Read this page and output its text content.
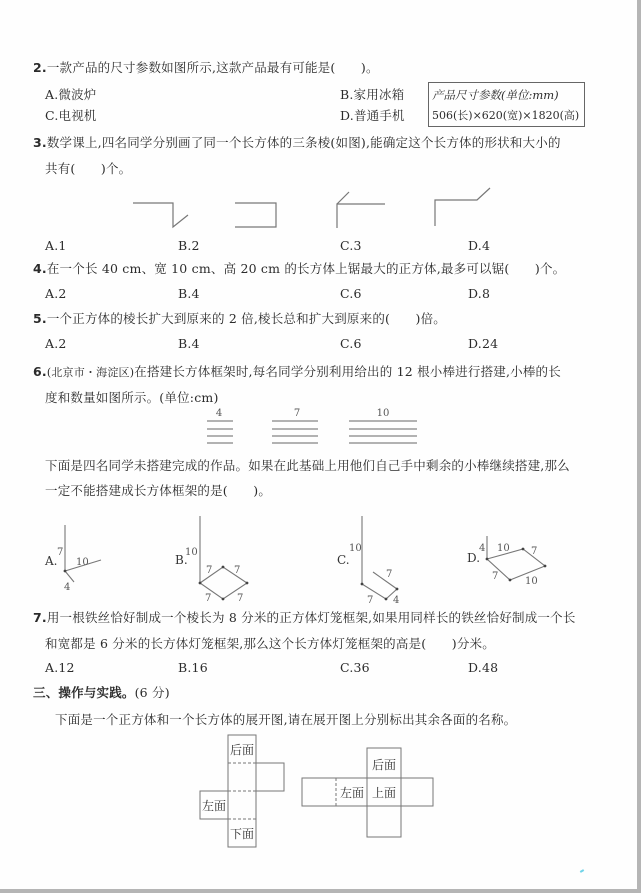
2.一款产品的尺寸参数如图所示,这款产品最有可能是(　　)。
A.微波炉	B.家用冰箱
C.电视机	D.普通手机
产品尺寸参数(单位:mm)
506(长)×620(宽)×1820(高)
3.数学课上,四名同学分别画了同一个长方体的三条棱(如图),能确定这个长方体的形状和大小的
共有(　　)个。
A.1	B.2	C.3	D.4
4.在一个长 40 cm、宽 10 cm、高 20 cm 的长方体上锯最大的正方体,最多可以锯(　　)个。
A.2	B.4	C.6	D.8
5.一个正方体的棱长扩大到原来的 2 倍,棱长总和扩大到原来的(　　)倍。
A.2	B.4	C.6	D.24
6.(北京市・海淀区)在搭建长方体框架时,每名同学分别利用给出的 12 根小棒进行搭建,小棒的长
度和数量如图所示。(单位:cm)
4	7	10
下面是四名同学未搭建完成的作品。如果在此基础上用他们自己手中剩余的小棒继续搭建,那么
一定不能搭建成长方体框架的是(　　)。
A.
7
10
4
B.
10
7 7
7	7
C.
10
7
7 4
D.
4 10 7
7	10
7.用一根铁丝恰好制成一个棱长为 8 分米的正方体灯笼框架,如果用同样长的铁丝恰好制成一个长
和宽都是 6 分米的长方体灯笼框架,那么这个长方体灯笼框架的高是(　　)分米。
A.12	B.16	C.36	D.48
三、操作与实践。(6 分)
下面是一个正方体和一个长方体的展开图,请在展开图上分别标出其余各面的名称。
后面
左面
下面
后面
左面 上面
